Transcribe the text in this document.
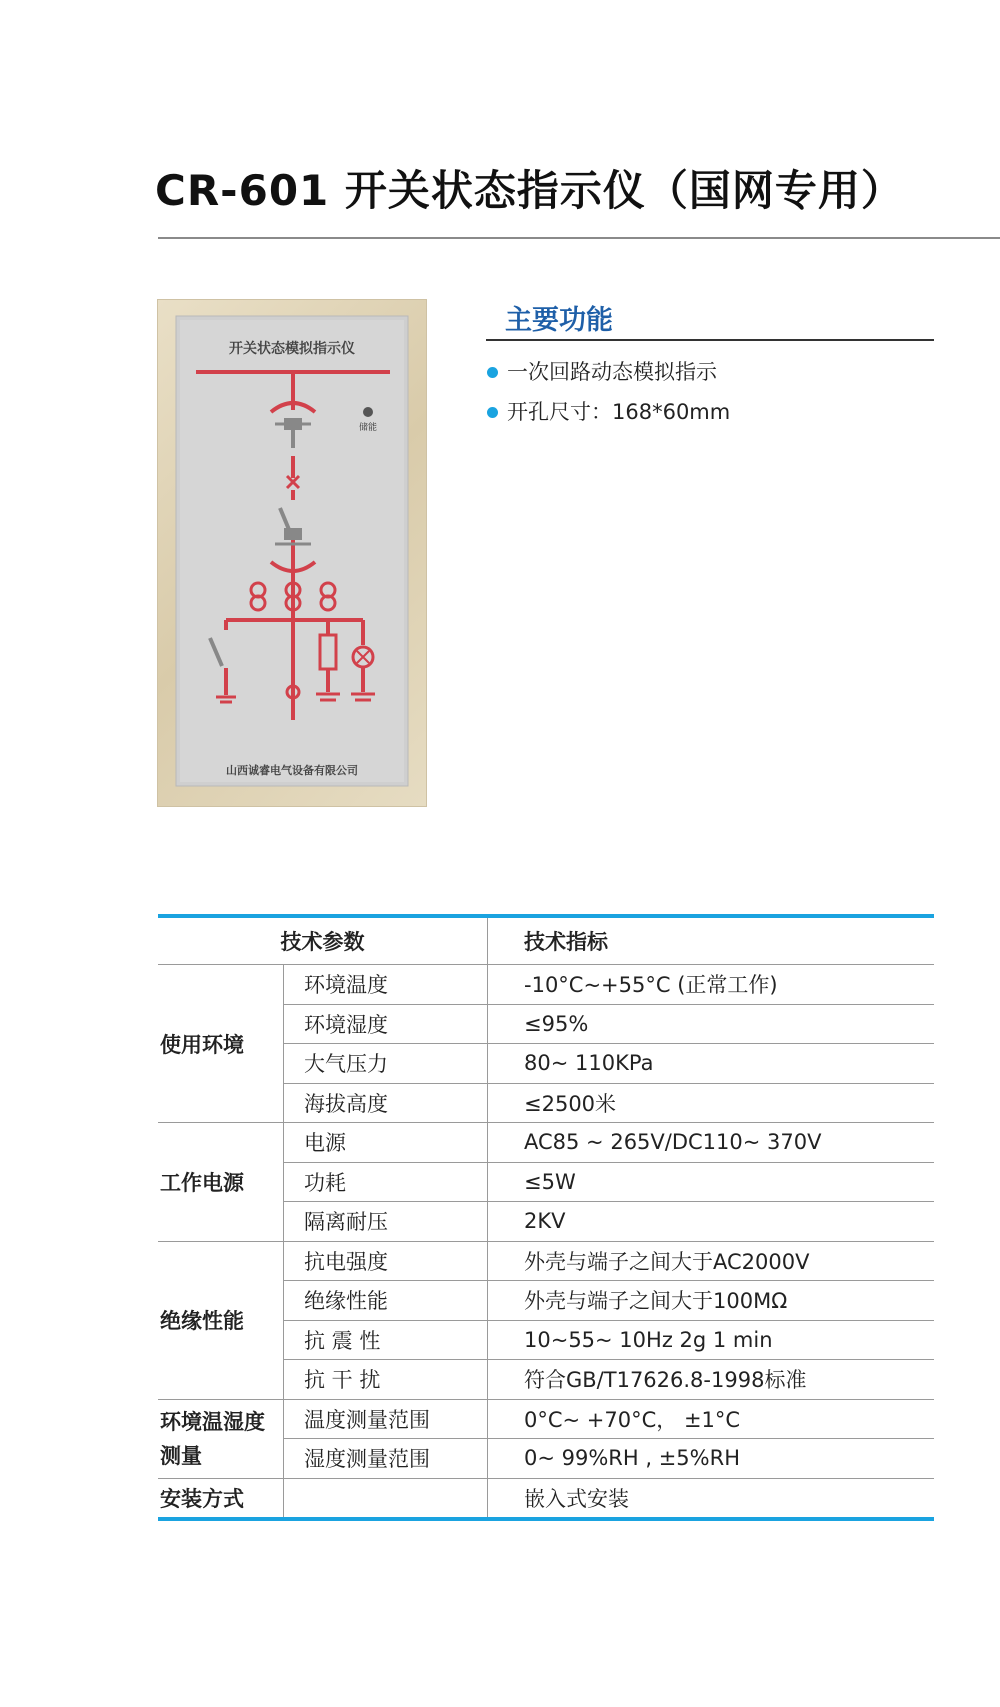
CR-601 开关状态指示仪（国网专用）
开关状态模拟指示仪
储能
山西诚睿电气设备有限公司
主要功能
一次回路动态模拟指示
开孔尺寸：168*60mm
技术参数		技术指标
使用环境	环境温度	-10°C~+55°C (正常工作)
	环境湿度	≤95%
	大气压力	80~ 110KPa
	海拔高度	≤2500米
工作电源	电源	AC85 ~ 265V/DC110~ 370V
	功耗	≤5W
	隔离耐压	2KV
绝缘性能	抗电强度	外壳与端子之间大于AC2000V
	绝缘性能	外壳与端子之间大于100MΩ
	抗 震 性	10~55~ 10Hz 2g 1 min
	抗 干 扰	符合GB/T17626.8-1998标准
环境温湿度测量	温度测量范围	0°C~ +70°C， ±1°C
	湿度测量范围	0~ 99%RH , ±5%RH
安装方式		嵌入式安装
